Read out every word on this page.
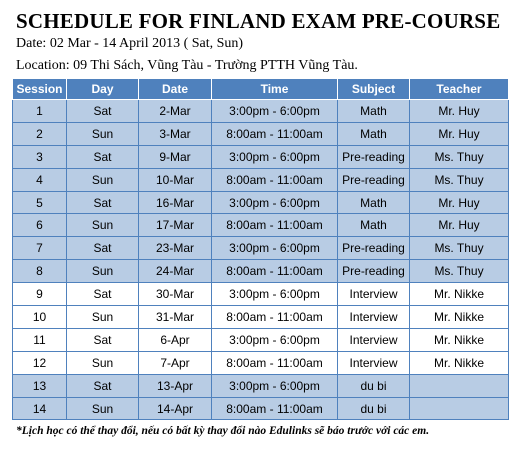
SCHEDULE FOR FINLAND EXAM PRE-COURSE
Date: 02 Mar - 14 April 2013 ( Sat, Sun)
Location: 09 Thi Sách, Vũng Tàu - Trường PTTH Vũng Tàu.
Session	Day	Date	Time	Subject	Teacher
1	Sat	2-Mar	3:00pm - 6:00pm	Math	Mr. Huy
2	Sun	3-Mar	8:00am - 11:00am	Math	Mr. Huy
3	Sat	9-Mar	3:00pm - 6:00pm	Pre-reading	Ms. Thuy
4	Sun	10-Mar	8:00am - 11:00am	Pre-reading	Ms. Thuy
5	Sat	16-Mar	3:00pm - 6:00pm	Math	Mr. Huy
6	Sun	17-Mar	8:00am - 11:00am	Math	Mr. Huy
7	Sat	23-Mar	3:00pm - 6:00pm	Pre-reading	Ms. Thuy
8	Sun	24-Mar	8:00am - 11:00am	Pre-reading	Ms. Thuy
9	Sat	30-Mar	3:00pm - 6:00pm	Interview	Mr. Nikke
10	Sun	31-Mar	8:00am - 11:00am	Interview	Mr. Nikke
11	Sat	6-Apr	3:00pm - 6:00pm	Interview	Mr. Nikke
12	Sun	7-Apr	8:00am - 11:00am	Interview	Mr. Nikke
13	Sat	13-Apr	3:00pm - 6:00pm	du bi	
14	Sun	14-Apr	8:00am - 11:00am	du bi	
*Lịch học có thể thay đổi, nếu có bất kỳ thay đổi nào Edulinks sẽ báo trước với các em.
